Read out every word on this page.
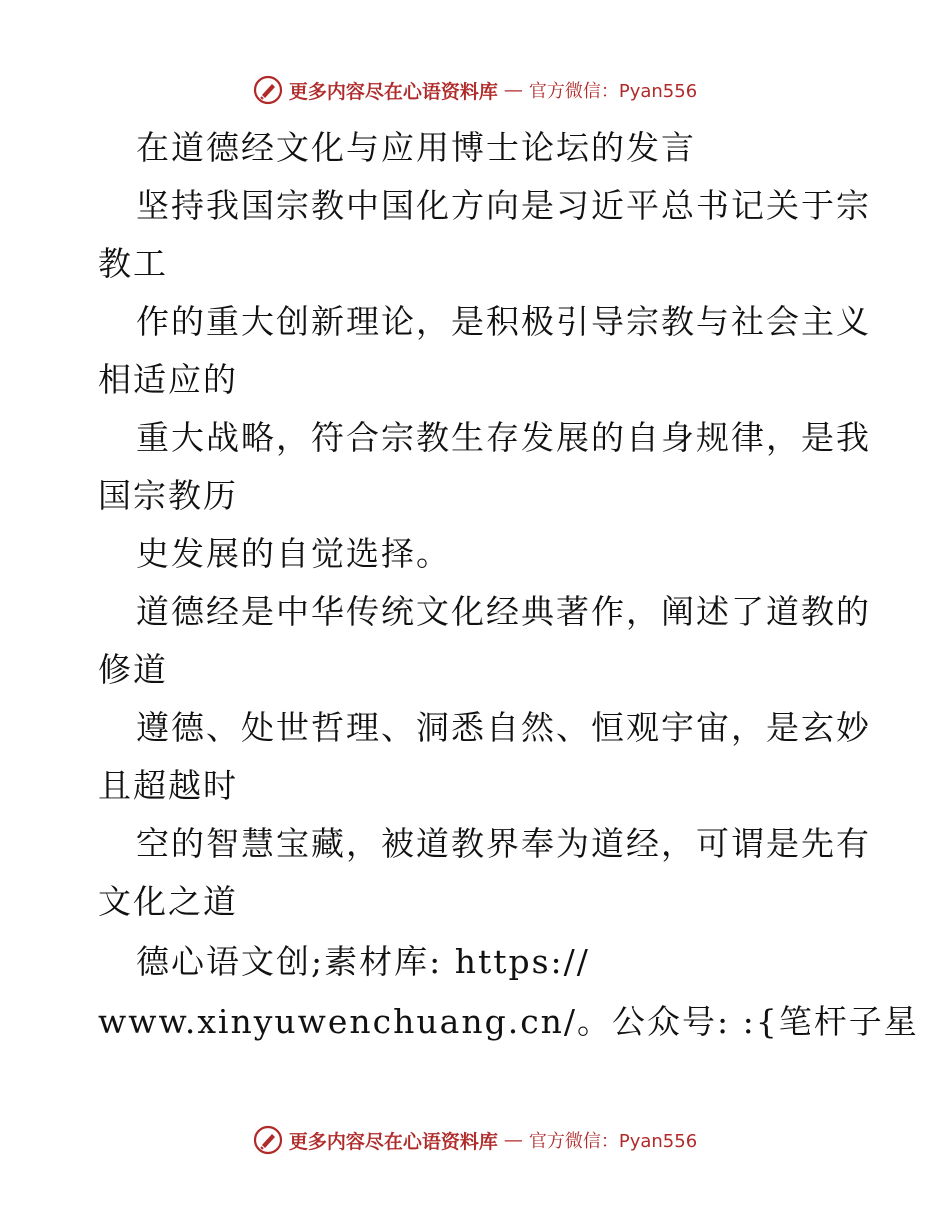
更多内容尽在心语资料库 — 官方微信：Pyan556
在道德经文化与应用博士论坛的发言
坚持我国宗教中国化方向是习近平总书记关于宗
教工
作的重大创新理论，是积极引导宗教与社会主义
相适应的
重大战略，符合宗教生存发展的自身规律，是我
国宗教历
史发展的自觉选择。
道德经是中华传统文化经典著作，阐述了道教的
修道
遵德、处世哲理、洞悉自然、恒观宇宙，是玄妙
且超越时
空的智慧宝藏，被道教界奉为道经，可谓是先有
文化之道
德心语文创;素材库: https://
www.xinyuwenchuang.cn/。公众号: :{笔杆子星
更多内容尽在心语资料库 — 官方微信：Pyan556
